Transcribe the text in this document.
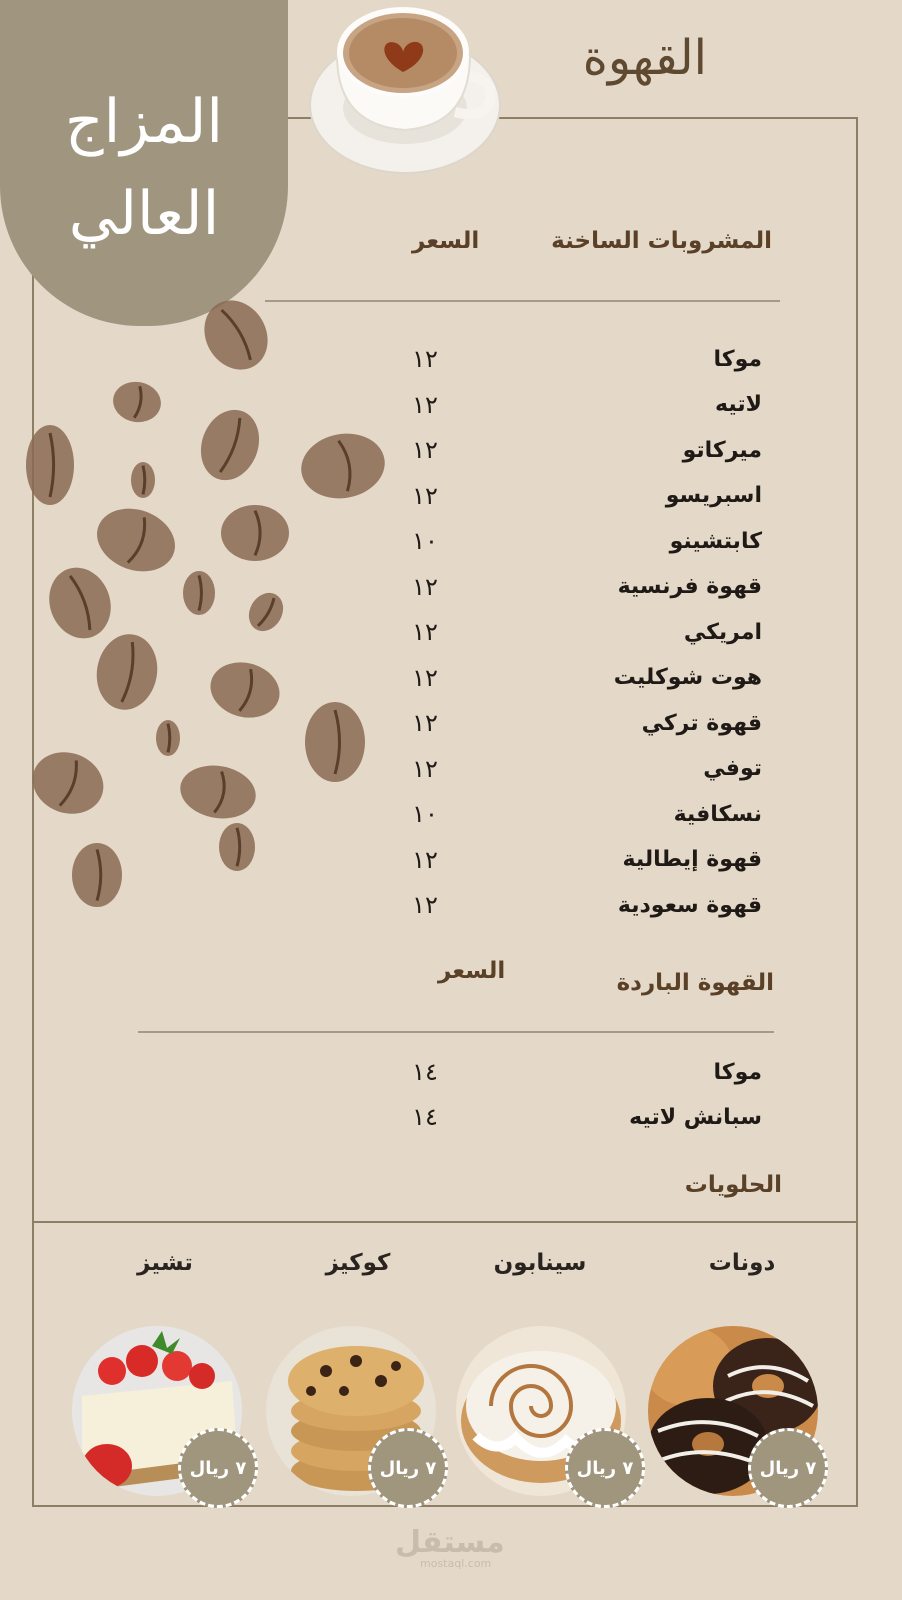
المزاج
العالي
القهوة
المشروبات الساخنة
السعر
١٢	موكا
١٢	لاتيه
١٢	ميركاتو
١٢	اسبريسو
١٠	كابتشينو
١٢	قهوة فرنسية
١٢	امريكي
١٢	هوت شوكليت
١٢	قهوة تركي
١٢	توفي
١٠	نسكافية
١٢	قهوة إيطالية
١٢	قهوة سعودية
القهوة الباردة
السعر
١٤	موكا
١٤	سبانش لاتيه
الحلويات
دونات
سينابون
كوكيز
تشيز
٧ ريال
٧ ريال
٧ ريال
٧ ريال
مستقل
mostaql.com
